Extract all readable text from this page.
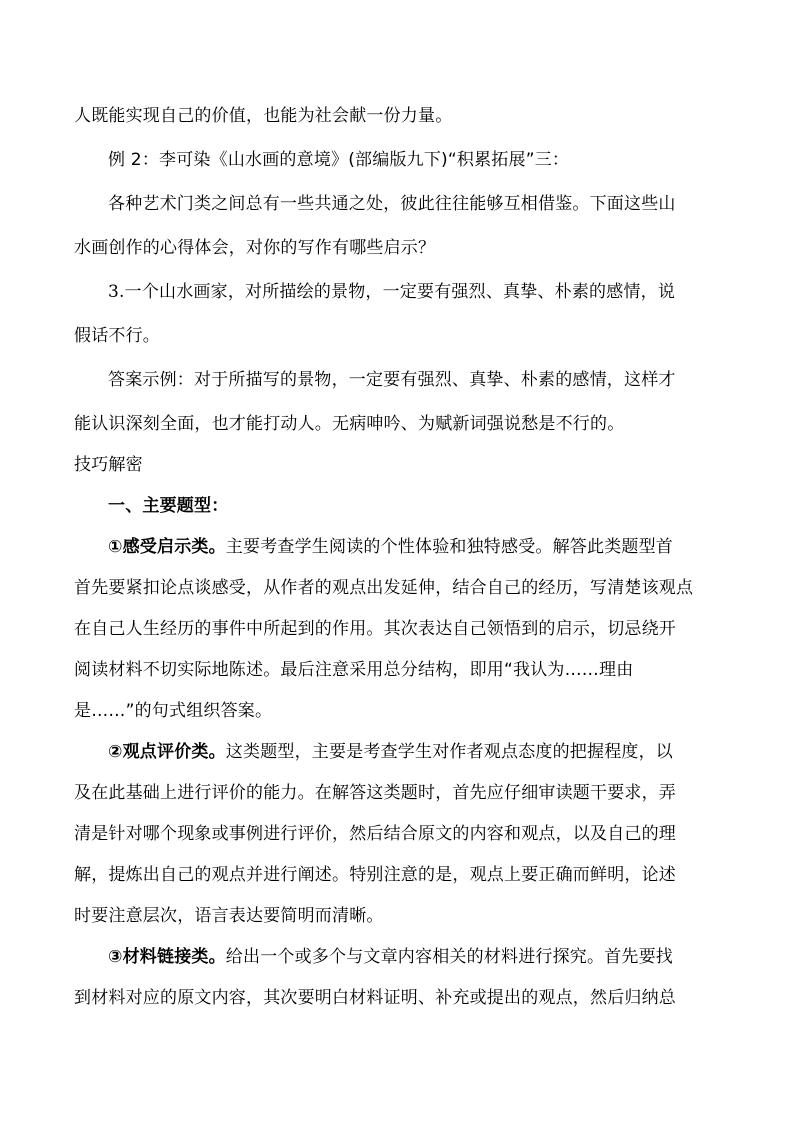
人既能实现自己的价值，也能为社会献一份力量。
例 2：李可染《山水画的意境》(部编版九下)“积累拓展”三：
各种艺术门类之间总有一些共通之处，彼此往往能够互相借鉴。下面这些山
水画创作的心得体会，对你的写作有哪些启示？
3.一个山水画家，对所描绘的景物，一定要有强烈、真挚、朴素的感情，说
假话不行。
答案示例：对于所描写的景物，一定要有强烈、真挚、朴素的感情，这样才
能认识深刻全面，也才能打动人。无病呻吟、为赋新词强说愁是不行的。
技巧解密
一、主要题型：
①感受启示类。主要考查学生阅读的个性体验和独特感受。解答此类题型首
首先要紧扣论点谈感受，从作者的观点出发延伸，结合自己的经历，写清楚该观点
在自己人生经历的事件中所起到的作用。其次表达自己领悟到的启示，切忌绕开
阅读材料不切实际地陈述。最后注意采用总分结构，即用“我认为……理由
是……”的句式组织答案。
②观点评价类。这类题型，主要是考查学生对作者观点态度的把握程度，以
及在此基础上进行评价的能力。在解答这类题时，首先应仔细审读题干要求，弄
清是针对哪个现象或事例进行评价，然后结合原文的内容和观点，以及自己的理
解，提炼出自己的观点并进行阐述。特别注意的是，观点上要正确而鲜明，论述
时要注意层次，语言表达要简明而清晰。
③材料链接类。给出一个或多个与文章内容相关的材料进行探究。首先要找
到材料对应的原文内容，其次要明白材料证明、补充或提出的观点，然后归纳总
